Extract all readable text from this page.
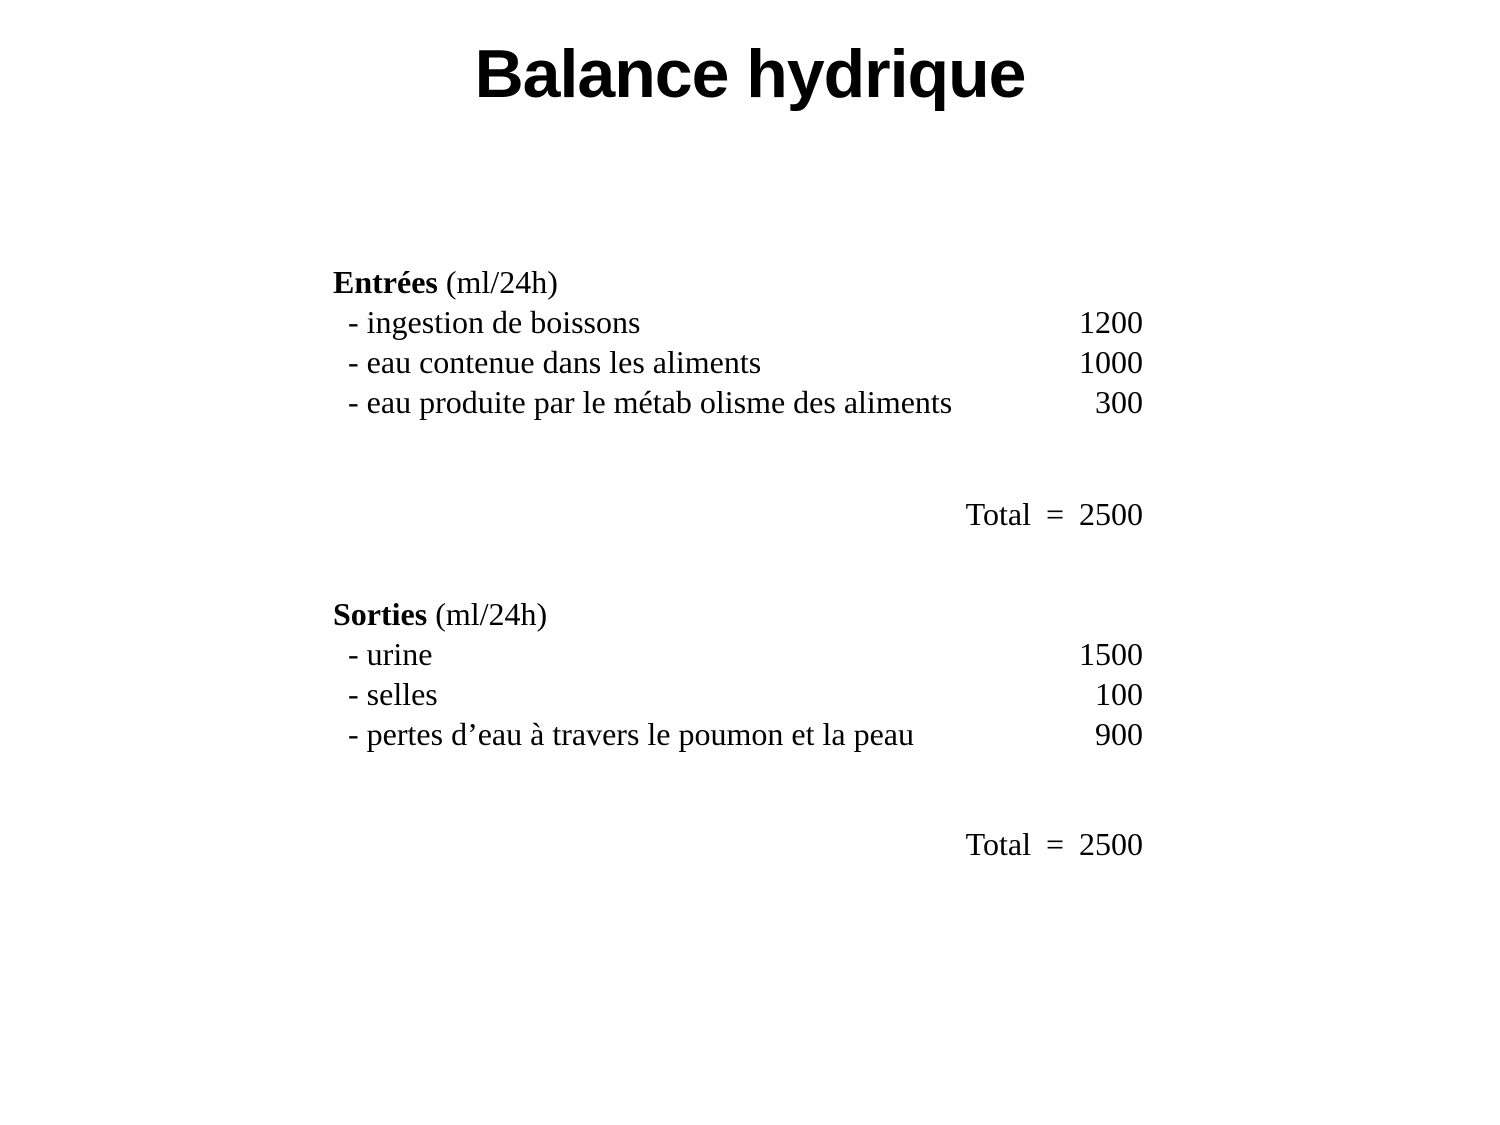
Balance hydrique
Entrées (ml/24h)
- ingestion de boissons	1200
- eau contenue dans les aliments	1000
- eau produite par le métab olisme des aliments	300
Total = 2500
Sorties (ml/24h)
- urine	1500
- selles	100
- pertes d’eau à travers le poumon et la peau	900
Total = 2500
